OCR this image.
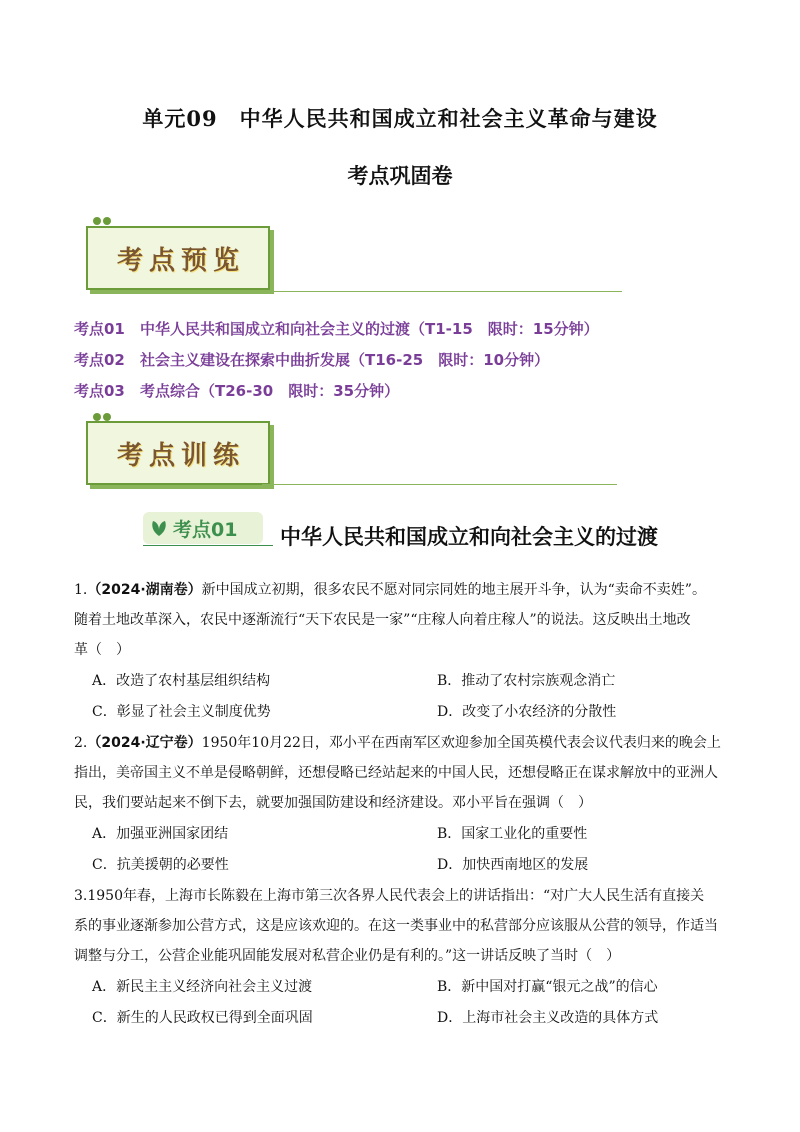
单元09　中华人民共和国成立和社会主义革命与建设
考点巩固卷
考 点 预 览
考点01 中华人民共和国成立和向社会主义的过渡（T1-15　限时：15分钟）
考点02 社会主义建设在探索中曲折发展（T16-25　限时：10分钟）
考点03 考点综合（T26-30　限时：35分钟）
考 点 训 练
考点01 中华人民共和国成立和向社会主义的过渡
1.（2024·湖南卷）新中国成立初期，很多农民不愿对同宗同姓的地主展开斗争，认为“卖命不卖姓”。
随着土地改革深入，农民中逐渐流行“天下农民是一家”“庄稼人向着庄稼人”的说法。这反映出土地改
革（　）
A．改造了农村基层组织结构	B．推动了农村宗族观念消亡
C．彰显了社会主义制度优势	D．改变了小农经济的分散性
2.（2024·辽宁卷）1950年10月22日，邓小平在西南军区欢迎参加全国英模代表会议代表归来的晚会上
指出，美帝国主义不单是侵略朝鲜，还想侵略已经站起来的中国人民，还想侵略正在谋求解放中的亚洲人
民，我们要站起来不倒下去，就要加强国防建设和经济建设。邓小平旨在强调（　）
A．加强亚洲国家团结	B．国家工业化的重要性
C．抗美援朝的必要性	D．加快西南地区的发展
3.1950年春，上海市长陈毅在上海市第三次各界人民代表会上的讲话指出：“对广大人民生活有直接关
系的事业逐渐参加公营方式，这是应该欢迎的。在这一类事业中的私营部分应该服从公营的领导，作适当
调整与分工，公营企业能巩固能发展对私营企业仍是有利的。”这一讲话反映了当时（　）
A．新民主主义经济向社会主义过渡	B．新中国对打赢“银元之战”的信心
C．新生的人民政权已得到全面巩固	D．上海市社会主义改造的具体方式
